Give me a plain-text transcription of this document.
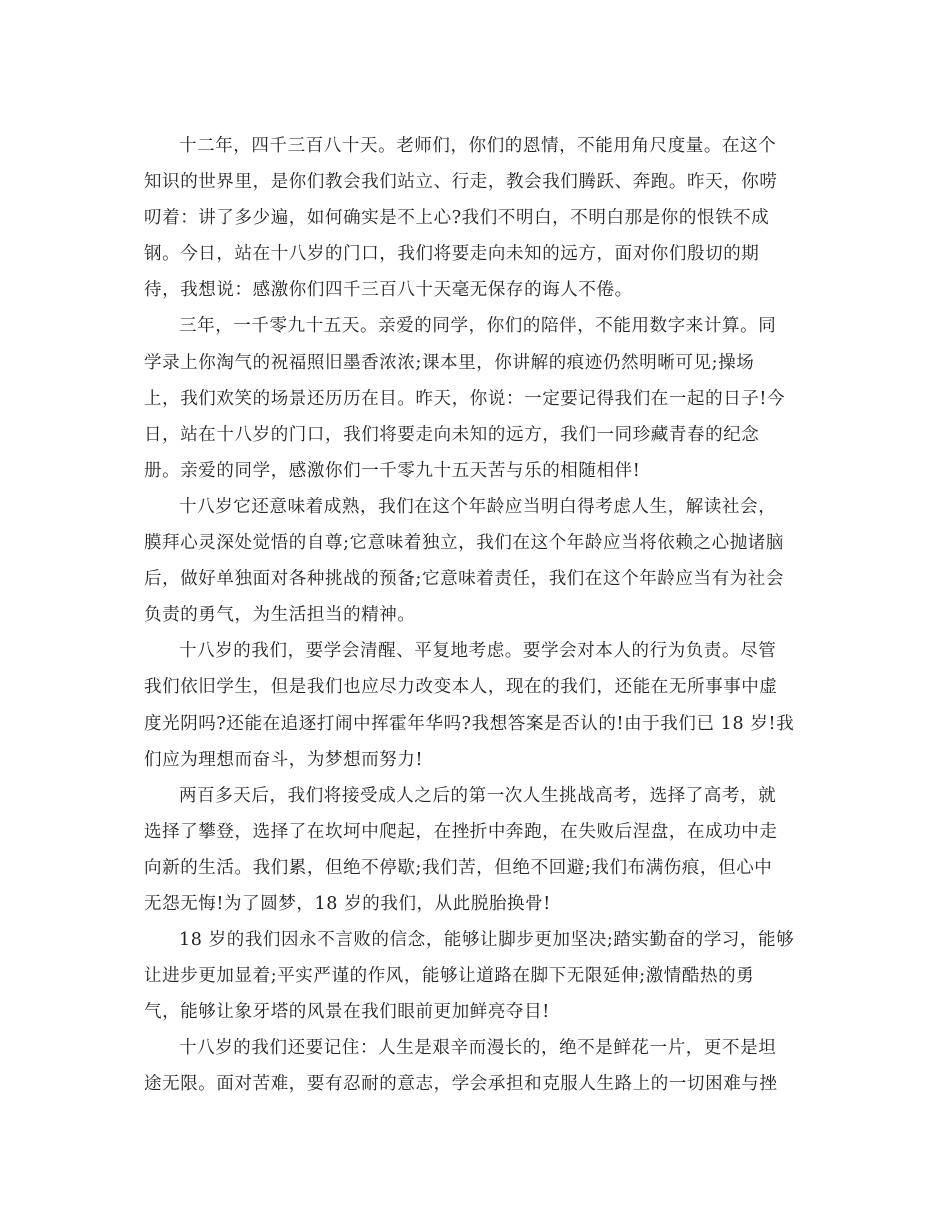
十二年，四千三百八十天。老师们，你们的恩情，不能用角尺度量。在这个
知识的世界里，是你们教会我们站立、行走，教会我们腾跃、奔跑。昨天，你唠
叨着：讲了多少遍，如何确实是不上心?我们不明白，不明白那是你的恨铁不成
钢。今日，站在十八岁的门口，我们将要走向未知的远方，面对你们殷切的期
待，我想说：感激你们四千三百八十天毫无保存的诲人不倦。
三年，一千零九十五天。亲爱的同学，你们的陪伴，不能用数字来计算。同
学录上你淘气的祝福照旧墨香浓浓;课本里，你讲解的痕迹仍然明晰可见;操场
上，我们欢笑的场景还历历在目。昨天，你说：一定要记得我们在一起的日子!今
日，站在十八岁的门口，我们将要走向未知的远方，我们一同珍藏青春的纪念
册。亲爱的同学，感激你们一千零九十五天苦与乐的相随相伴!
十八岁它还意味着成熟，我们在这个年龄应当明白得考虑人生，解读社会，
膜拜心灵深处觉悟的自尊;它意味着独立，我们在这个年龄应当将依赖之心抛诸脑
后，做好单独面对各种挑战的预备;它意味着责任，我们在这个年龄应当有为社会
负责的勇气，为生活担当的精神。
十八岁的我们，要学会清醒、平复地考虑。要学会对本人的行为负责。尽管
我们依旧学生，但是我们也应尽力改变本人，现在的我们，还能在无所事事中虚
度光阴吗?还能在追逐打闹中挥霍年华吗?我想答案是否认的!由于我们已 18 岁!我
们应为理想而奋斗，为梦想而努力!
两百多天后，我们将接受成人之后的第一次人生挑战高考，选择了高考，就
选择了攀登，选择了在坎坷中爬起，在挫折中奔跑，在失败后涅盘，在成功中走
向新的生活。我们累，但绝不停歇;我们苦，但绝不回避;我们布满伤痕，但心中
无怨无悔!为了圆梦，18 岁的我们，从此脱胎换骨!
18 岁的我们因永不言败的信念，能够让脚步更加坚决;踏实勤奋的学习，能够
让进步更加显着;平实严谨的作风，能够让道路在脚下无限延伸;激情酷热的勇
气，能够让象牙塔的风景在我们眼前更加鲜亮夺目!
十八岁的我们还要记住：人生是艰辛而漫长的，绝不是鲜花一片，更不是坦
途无限。面对苦难，要有忍耐的意志，学会承担和克服人生路上的一切困难与挫
